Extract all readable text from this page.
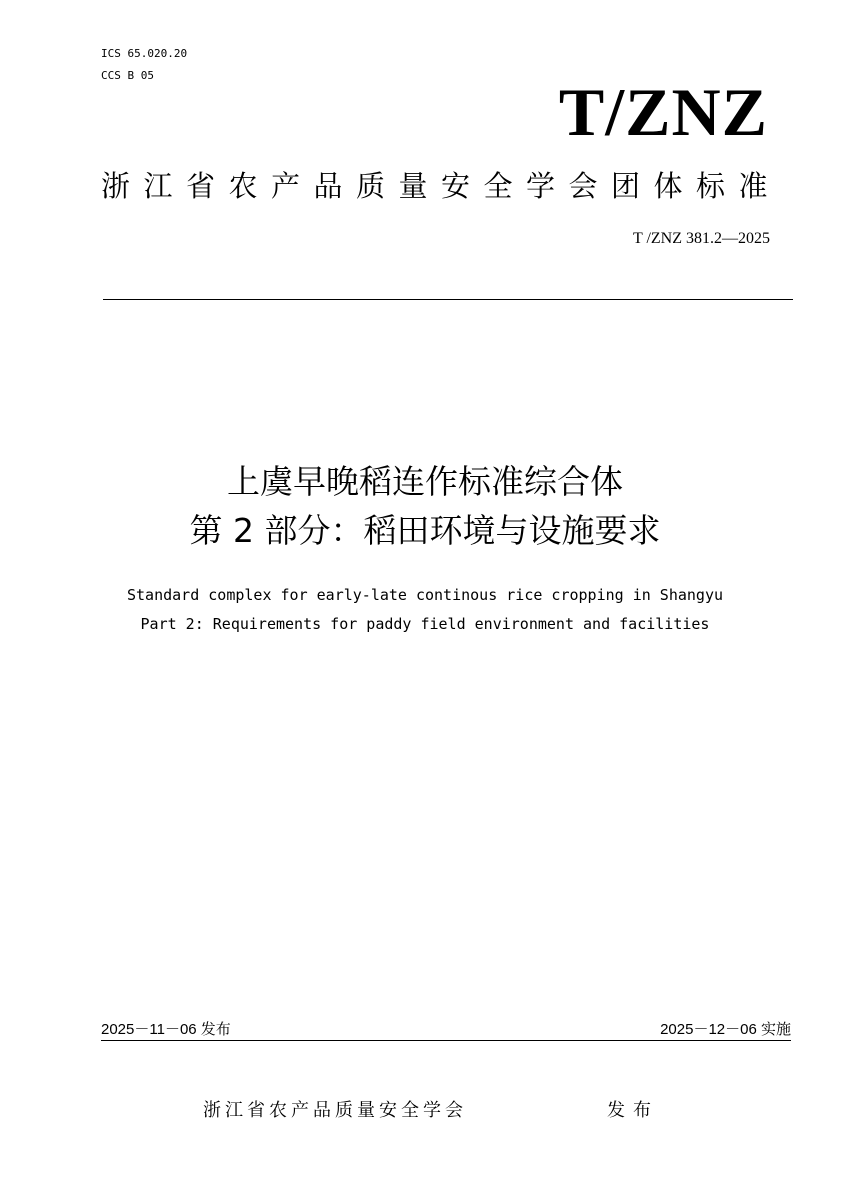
ICS 65.020.20
CCS B 05	T/ZNZ
浙江省农产品质量安全学会团体标准
T /ZNZ 381.2—2025
上虞早晚稻连作标准综合体
第 2 部分：稻田环境与设施要求
Standard complex for early-late continous rice cropping in Shangyu
Part 2: Requirements for paddy field environment and facilities
2025－11－06 发布	2025－12－06 实施
浙江省农产品质量安全学会	发布
